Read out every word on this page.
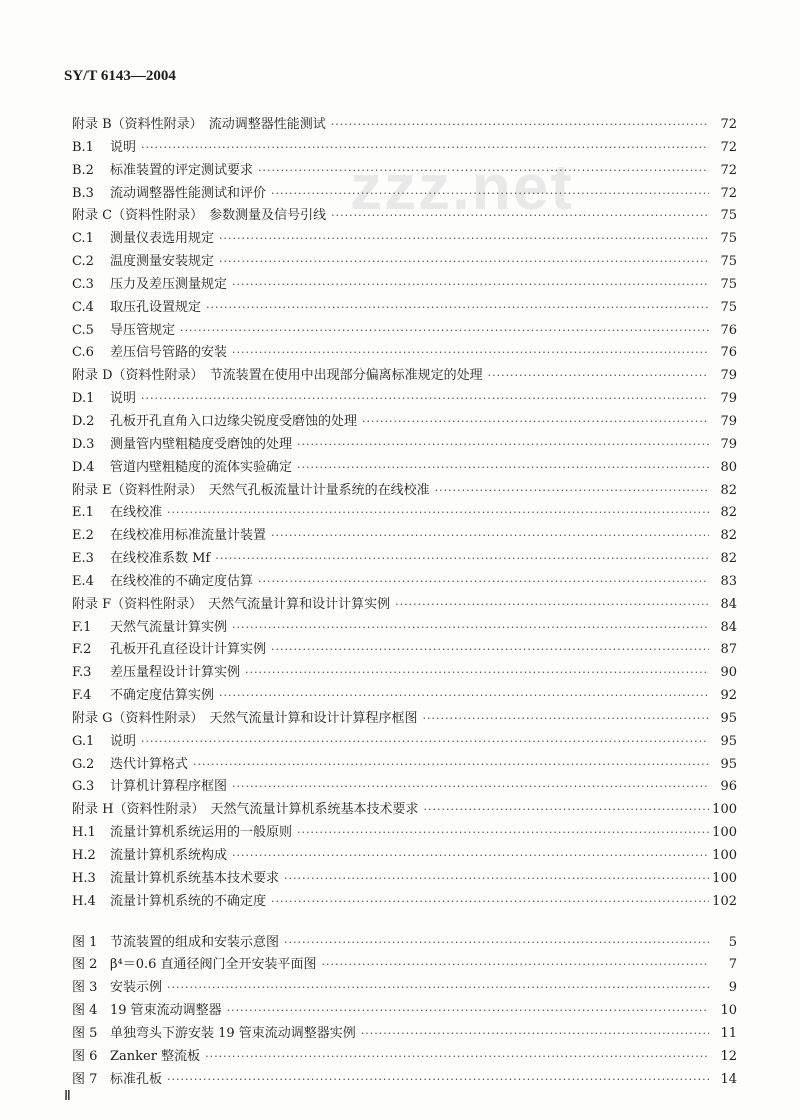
SY/T 6143—2004
zzz.net
附录 B（资料性附录） 流动调整器性能测试 ·····	72
B.1	说明 ·····	72
B.2	标准装置的评定测试要求 ·····	72
B.3	流动调整器性能测试和评价 ·····	72
附录 C（资料性附录） 参数测量及信号引线 ·····	75
C.1	测量仪表选用规定 ·····	75
C.2	温度测量安装规定 ·····	75
C.3	压力及差压测量规定 ·····	75
C.4	取压孔设置规定 ·····	75
C.5	导压管规定 ·····	76
C.6	差压信号管路的安装 ·····	76
附录 D（资料性附录） 节流装置在使用中出现部分偏离标准规定的处理 ·····	79
D.1	说明 ·····	79
D.2	孔板开孔直角入口边缘尖锐度受磨蚀的处理 ·····	79
D.3	测量管内壁粗糙度受磨蚀的处理 ·····	79
D.4	管道内壁粗糙度的流体实验确定 ·····	80
附录 E（资料性附录） 天然气孔板流量计计量系统的在线校准 ·····	82
E.1	在线校准 ·····	82
E.2	在线校准用标准流量计装置 ·····	82
E.3	在线校准系数 Mf ·····	82
E.4	在线校准的不确定度估算 ·····	83
附录 F（资料性附录） 天然气流量计算和设计计算实例 ·····	84
F.1	天然气流量计算实例 ·····	84
F.2	孔板开孔直径设计计算实例 ·····	87
F.3	差压量程设计计算实例 ·····	90
F.4	不确定度估算实例 ·····	92
附录 G（资料性附录） 天然气流量计算和设计计算程序框图 ·····	95
G.1	说明 ·····	95
G.2	迭代计算格式 ·····	95
G.3	计算机计算程序框图 ·····	96
附录 H（资料性附录） 天然气流量计算机系统基本技术要求 ·····	100
H.1	流量计算机系统运用的一般原则 ·····	100
H.2	流量计算机系统构成 ·····	100
H.3	流量计算机系统基本技术要求 ·····	100
H.4	流量计算机系统的不确定度 ·····	102
图 1 节流装置的组成和安装示意图 ·····	5
图 2 β⁴＝0.6 直通径阀门全开安装平面图 ·····	7
图 3 安装示例 ·····	9
图 4 19 管束流动调整器 ·····	10
图 5 单独弯头下游安装 19 管束流动调整器实例 ·····	11
图 6 Zanker 整流板 ·····	12
图 7 标准孔板 ·····	14
Ⅱ
